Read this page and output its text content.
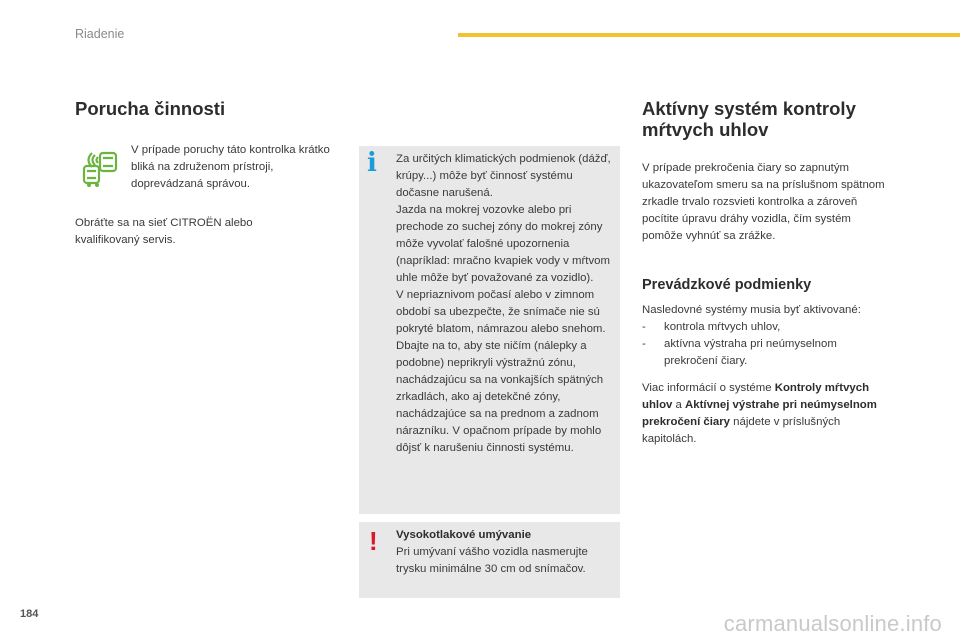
Riadenie
Porucha činnosti

V prípade poruchy táto kontrolka krátko bliká na združenom prístroji, doprevádzaná správou.

Obráťte sa na sieť CITROËN alebo kvalifikovaný servis.

i Za určitých klimatických podmienok (dážď, krúpy...) môže byť činnosť systému dočasne narušená.
Jazda na mokrej vozovke alebo pri prechode zo suchej zóny do mokrej zóny môže vyvolať falošné upozornenia (napríklad: mračno kvapiek vody v mŕtvom uhle môže byť považované za vozidlo).
V nepriaznivom počasí alebo v zimnom období sa ubezpečte, že snímače nie sú pokryté blatom, námrazou alebo snehom.
Dbajte na to, aby ste ničím (nálepky a podobne) neprikryli výstražnú zónu, nachádzajúcu sa na vonkajších spätných zrkadlách, ako aj detekčné zóny, nachádzajúce sa na prednom a zadnom nárazníku. V opačnom prípade by mohlo dôjsť k narušeniu činnosti systému.
! Vysokotlakové umývanie
Pri umývaní vášho vozidla nasmerujte trysku minimálne 30 cm od snímačov.
Aktívny systém kontroly mŕtvych uhlov

V prípade prekročenia čiary so zapnutým ukazovateľom smeru sa na príslušnom spätnom zrkadle trvalo rozsvieti kontrolka a zároveň pocítite úpravu dráhy vozidla, čím systém pomôže vyhnúť sa zrážke.

Prevádzkové podmienky
Nasledovné systémy musia byť aktivované:
- kontrola mŕtvych uhlov,
- aktívna výstraha pri neúmyselnom prekročení čiary.

Viac informácií o systéme Kontroly mŕtvych uhlov a Aktívnej výstrahe pri neúmyselnom prekročení čiary nájdete v príslušných kapitolách.

184	carmanualsonline.info
